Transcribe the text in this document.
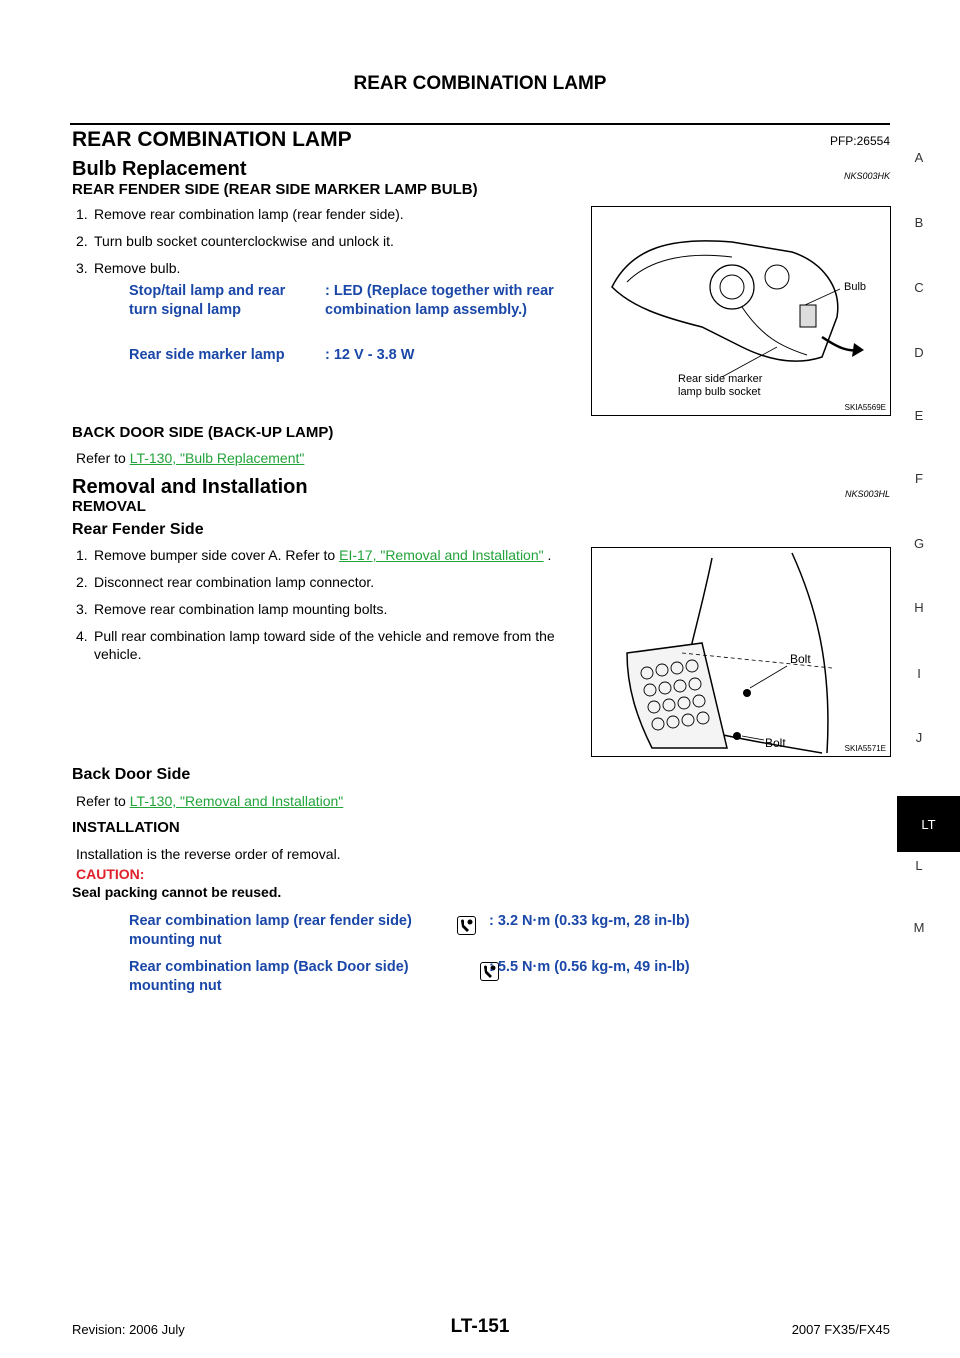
REAR COMBINATION LAMP
REAR COMBINATION LAMP	PFP:26554
Bulb Replacement	NKS003HK
REAR FENDER SIDE (REAR SIDE MARKER LAMP BULB)
1. Remove rear combination lamp (rear fender side).
2. Turn bulb socket counterclockwise and unlock it.
3. Remove bulb.
Stop/tail lamp and rear turn signal lamp
: LED (Replace together with rear combination lamp assembly.)
Rear side marker lamp	: 12 V - 3.8 W
Bulb
Rear side marker
lamp bulb socket
SKIA5569E
BACK DOOR SIDE (BACK-UP LAMP)
Refer to LT-130, "Bulb Replacement"
Removal and Installation	NKS003HL
REMOVAL
Rear Fender Side
1. Remove bumper side cover A. Refer to EI-17, "Removal and Installation" .
2. Disconnect rear combination lamp connector.
3. Remove rear combination lamp mounting bolts.
4. Pull rear combination lamp toward side of the vehicle and remove from the vehicle.	Bolt
Bolt	SKIA5571E
Back Door Side
Refer to LT-130, "Removal and Installation"
INSTALLATION
Installation is the reverse order of removal.
CAUTION:
Seal packing cannot be reused.
Rear combination lamp (rear fender side) mounting nut

: 3.2 N·m (0.33 kg-m, 28 in-lb)
Rear combination lamp (Back Door side) mounting nut
: 5.5 N·m (0.56 kg-m, 49 in-lb)
A
B
C
D
E
F
G
H
I
J
LT
L
M
Revision: 2006 July	LT-151	2007 FX35/FX45
